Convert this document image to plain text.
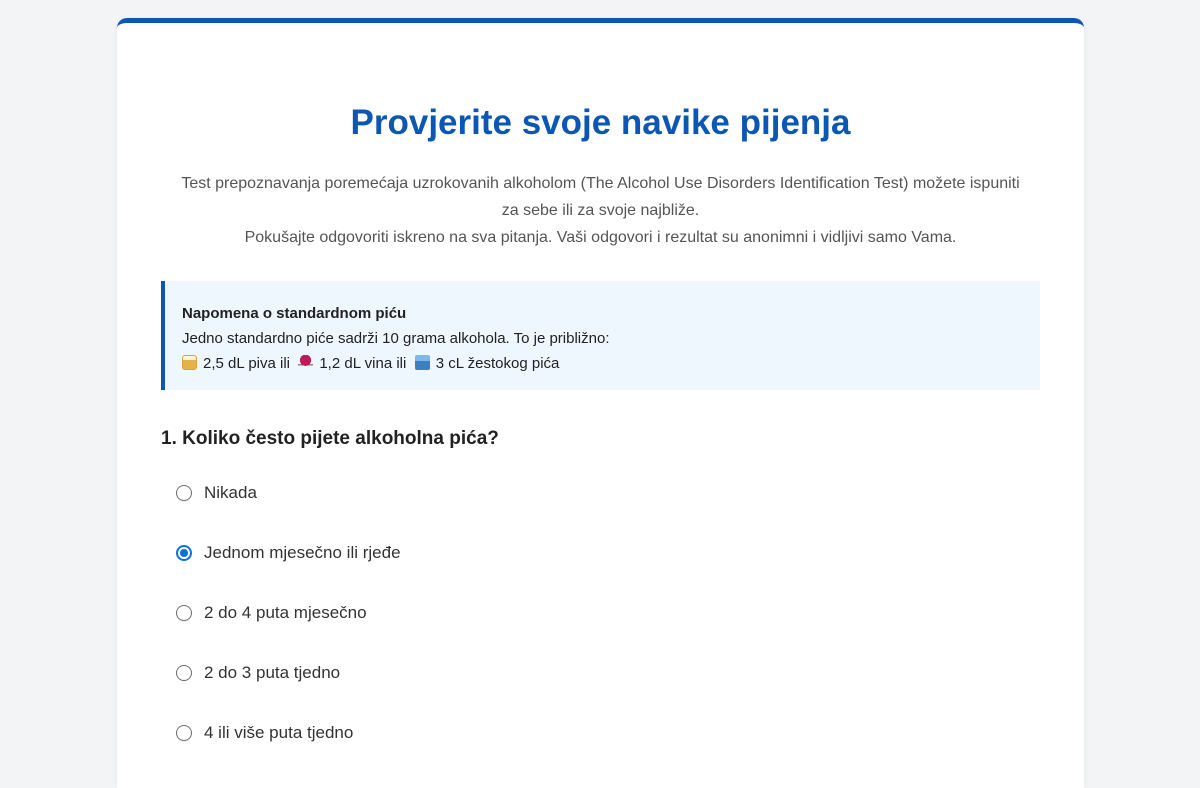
Provjerite svoje navike pijenja

Test prepoznavanja poremećaja uzrokovanih alkoholom (The Alcohol Use Disorders Identification Test) možete ispuniti
za sebe ili za svoje najbliže.
Pokušajte odgovoriti iskreno na sva pitanja. Vaši odgovori i rezultat su anonimni i vidljivi samo Vama.

Napomena o standardnom piću
Jedno standardno piće sadrži 10 grama alkohola. To je približno:
2,5 dL piva ili 1,2 dL vina ili 3 cL žestokog pića
1. Koliko često pijete alkoholna pića?
Nikada
Jednom mjesečno ili rjeđe
2 do 4 puta mjesečno
2 do 3 puta tjedno
4 ili više puta tjedno
